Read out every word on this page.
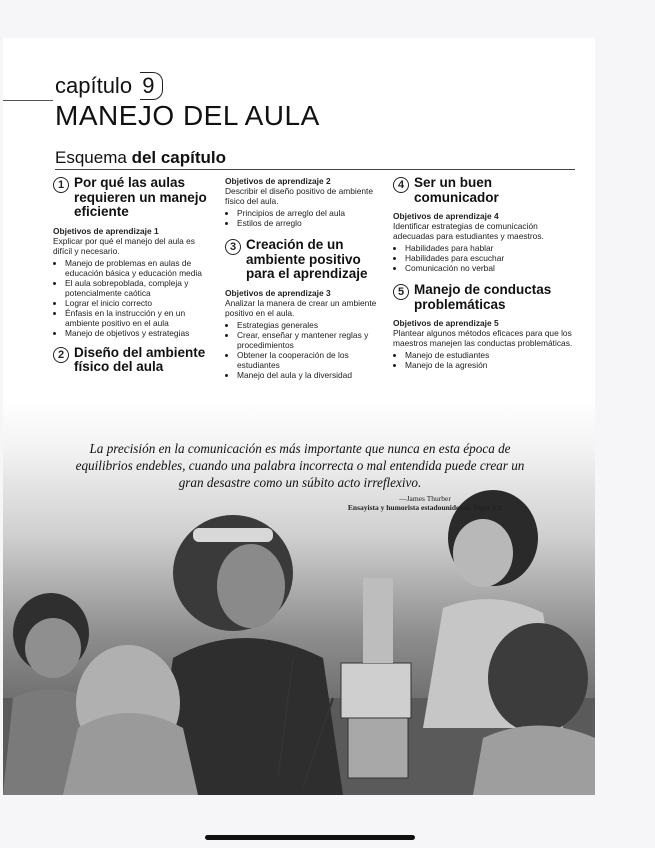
capítulo 9
MANEJO DEL AULA
Esquema del capítulo
1 Por qué las aulas requieren un manejo eficiente
Objetivos de aprendizaje 1
Explicar por qué el manejo del aula es difícil y necesario.
• Manejo de problemas en aulas de educación básica y educación media
• El aula sobrepoblada, compleja y potencialmente caótica
• Lograr el inicio correcto
• Énfasis en la instrucción y en un ambiente positivo en el aula
• Manejo de objetivos y estrategias
2 Diseño del ambiente físico del aula
Objetivos de aprendizaje 2
Describir el diseño positivo de ambiente físico del aula.
• Principios de arreglo del aula
• Estilos de arreglo
3 Creación de un ambiente positivo para el aprendizaje
Objetivos de aprendizaje 3
Analizar la manera de crear un ambiente positivo en el aula.
• Estrategias generales
• Crear, enseñar y mantener reglas y procedimientos
• Obtener la cooperación de los estudiantes
• Manejo del aula y la diversidad
4 Ser un buen comunicador
Objetivos de aprendizaje 4
Identificar estrategias de comunicación adecuadas para estudiantes y maestros.
• Habilidades para hablar
• Habilidades para escuchar
• Comunicación no verbal
5 Manejo de conductas problemáticas
Objetivos de aprendizaje 5
Plantear algunos métodos eficaces para que los maestros manejen las conductas problemáticas.
• Manejo de estudiantes
• Manejo de la agresión
La precisión en la comunicación es más importante que nunca en esta época de equilibrios endebles, cuando una palabra incorrecta o mal entendida puede crear un gran desastre como un súbito acto irreflexivo.
—James Thurber
Ensayista y humorista estadounidense. Siglo XX
